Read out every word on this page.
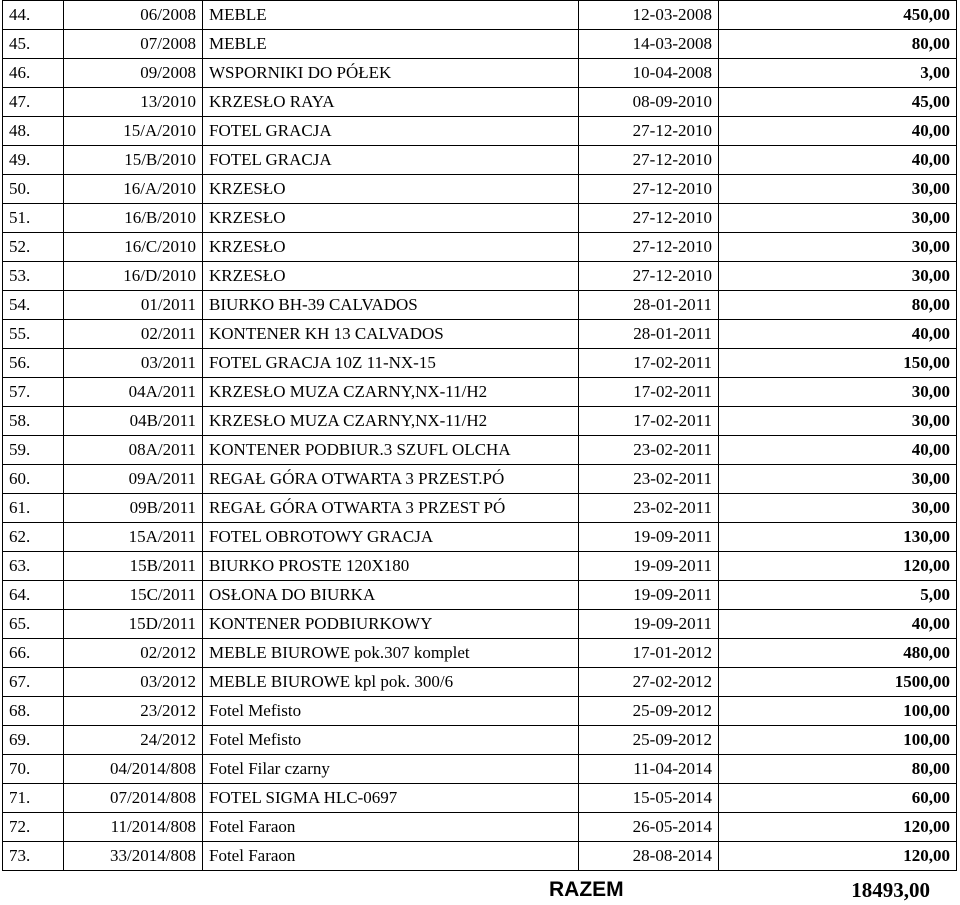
44.	06/2008	MEBLE	12-03-2008	450,00
45.	07/2008	MEBLE	14-03-2008	80,00
46.	09/2008	WSPORNIKI DO PÓŁEK	10-04-2008	3,00
47.	13/2010	KRZESŁO RAYA	08-09-2010	45,00
48.	15/A/2010	FOTEL GRACJA	27-12-2010	40,00
49.	15/B/2010	FOTEL GRACJA	27-12-2010	40,00
50.	16/A/2010	KRZESŁO	27-12-2010	30,00
51.	16/B/2010	KRZESŁO	27-12-2010	30,00
52.	16/C/2010	KRZESŁO	27-12-2010	30,00
53.	16/D/2010	KRZESŁO	27-12-2010	30,00
54.	01/2011	BIURKO BH-39 CALVADOS	28-01-2011	80,00
55.	02/2011	KONTENER KH 13 CALVADOS	28-01-2011	40,00
56.	03/2011	FOTEL GRACJA 10Z 11-NX-15	17-02-2011	150,00
57.	04A/2011	KRZESŁO MUZA CZARNY,NX-11/H2	17-02-2011	30,00
58.	04B/2011	KRZESŁO MUZA CZARNY,NX-11/H2	17-02-2011	30,00
59.	08A/2011	KONTENER PODBIUR.3 SZUFL OLCHA	23-02-2011	40,00
60.	09A/2011	REGAŁ GÓRA OTWARTA 3 PRZEST.PÓ	23-02-2011	30,00
61.	09B/2011	REGAŁ GÓRA OTWARTA 3 PRZEST PÓ	23-02-2011	30,00
62.	15A/2011	FOTEL OBROTOWY GRACJA	19-09-2011	130,00
63.	15B/2011	BIURKO PROSTE 120X180	19-09-2011	120,00
64.	15C/2011	OSŁONA DO BIURKA	19-09-2011	5,00
65.	15D/2011	KONTENER PODBIURKOWY	19-09-2011	40,00
66.	02/2012	MEBLE BIUROWE pok.307 komplet	17-01-2012	480,00
67.	03/2012	MEBLE BIUROWE kpl pok. 300/6	27-02-2012	1500,00
68.	23/2012	Fotel Mefisto	25-09-2012	100,00
69.	24/2012	Fotel Mefisto	25-09-2012	100,00
70.	04/2014/808	Fotel Filar czarny	11-04-2014	80,00
71.	07/2014/808	FOTEL SIGMA HLC-0697	15-05-2014	60,00
72.	11/2014/808	Fotel Faraon	26-05-2014	120,00
73.	33/2014/808	Fotel Faraon	28-08-2014	120,00
RAZEM	18493,00
